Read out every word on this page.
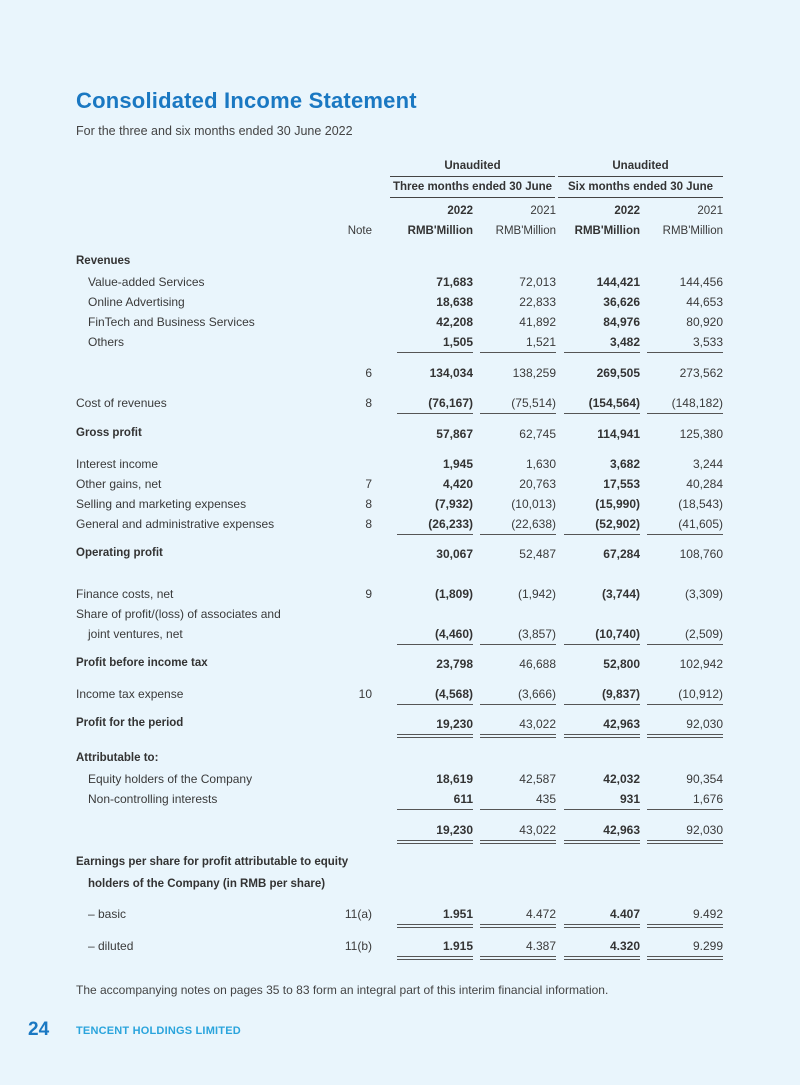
Consolidated Income Statement
For the three and six months ended 30 June 2022
Unaudited	Unaudited
Three months ended 30 June	Six months ended 30 June
2022	2021	2022	2021
Note	RMB'Million	RMB'Million	RMB'Million	RMB'Million
Revenues
Value-added Services	71,683	72,013	144,421	144,456
Online Advertising	18,638	22,833	36,626	44,653
FinTech and Business Services	42,208	41,892	84,976	80,920
Others	1,505	1,521	3,482	3,533
6	134,034	138,259	269,505	273,562
Cost of revenues	8	(76,167)	(75,514)	(154,564)	(148,182)
Gross profit	57,867	62,745	114,941	125,380
Interest income	1,945	1,630	3,682	3,244
Other gains, net	7	4,420	20,763	17,553	40,284
Selling and marketing expenses	8	(7,932)	(10,013)	(15,990)	(18,543)
General and administrative expenses	8	(26,233)	(22,638)	(52,902)	(41,605)
Operating profit	30,067	52,487	67,284	108,760
Finance costs, net	9	(1,809)	(1,942)	(3,744)	(3,309)
Share of profit/(loss) of associates and
joint ventures, net	(4,460)	(3,857)	(10,740)	(2,509)
Profit before income tax	23,798	46,688	52,800	102,942
Income tax expense	10	(4,568)	(3,666)	(9,837)	(10,912)
Profit for the period	19,230	43,022	42,963	92,030
Attributable to:
Equity holders of the Company	18,619	42,587	42,032	90,354
Non-controlling interests	611	435	931	1,676
19,230	43,022	42,963	92,030
Earnings per share for profit attributable to equity
holders of the Company (in RMB per share)
– basic	11(a)	1.951	4.472	4.407	9.492
– diluted	11(b)	1.915	4.387	4.320	9.299
The accompanying notes on pages 35 to 83 form an integral part of this interim financial information.
24 TENCENT HOLDINGS LIMITED
